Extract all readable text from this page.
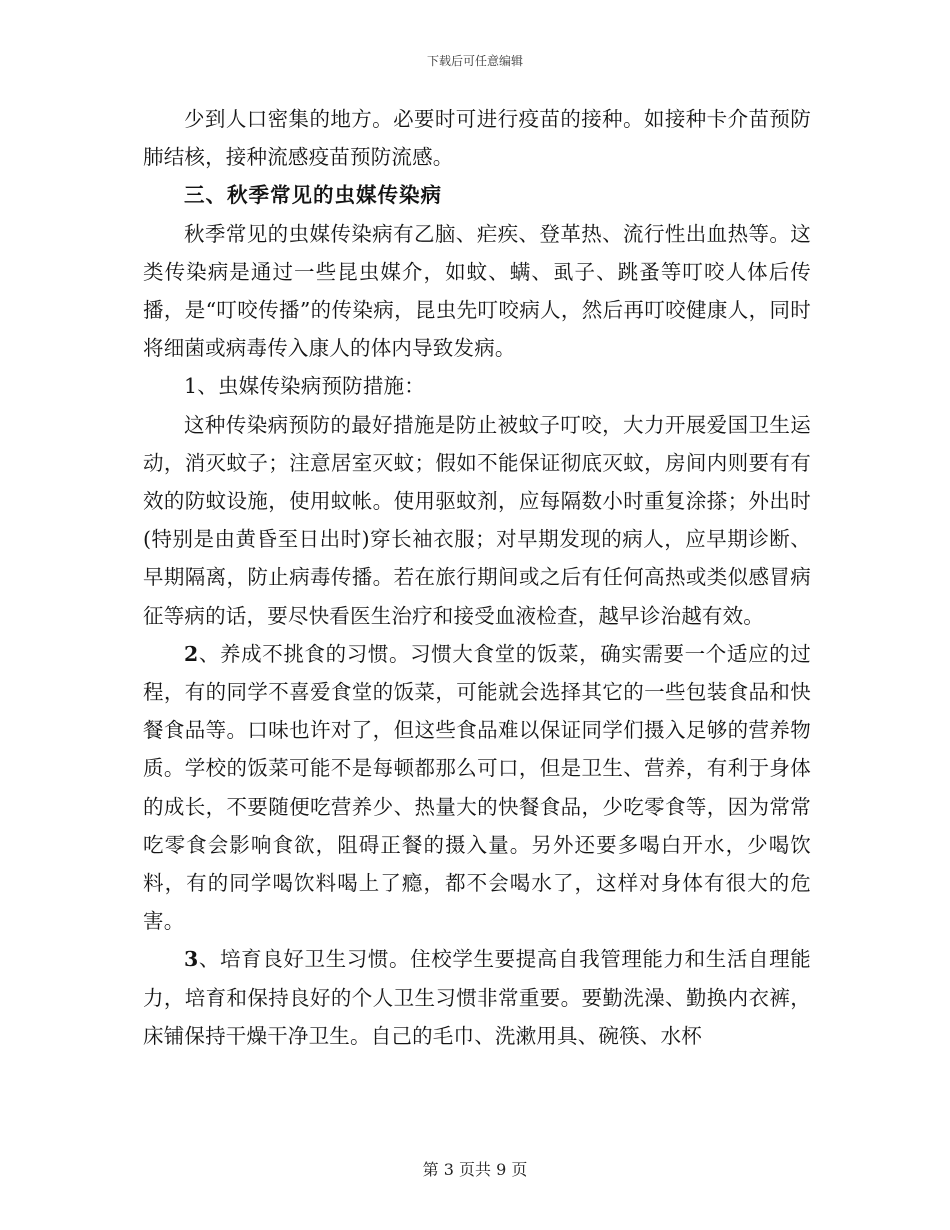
下载后可任意编辑

少到人口密集的地方。必要时可进行疫苗的接种。如接种卡介苗预防肺结核，接种流感疫苗预防流感。

三、秋季常见的虫媒传染病

秋季常见的虫媒传染病有乙脑、疟疾、登革热、流行性出血热等。这类传染病是通过一些昆虫媒介，如蚊、螨、虱子、跳蚤等叮咬人体后传播，是“叮咬传播”的传染病，昆虫先叮咬病人，然后再叮咬健康人，同时将细菌或病毒传入康人的体内导致发病。

1、虫媒传染病预防措施：

这种传染病预防的最好措施是防止被蚊子叮咬，大力开展爱国卫生运动，消灭蚊子；注意居室灭蚊；假如不能保证彻底灭蚊，房间内则要有有效的防蚊设施，使用蚊帐。使用驱蚊剂，应每隔数小时重复涂搽；外出时(特别是由黄昏至日出时)穿长袖衣服；对早期发现的病人，应早期诊断、早期隔离，防止病毒传播。若在旅行期间或之后有任何高热或类似感冒病征等病的话，要尽快看医生治疗和接受血液检查，越早诊治越有效。

2、养成不挑食的习惯。习惯大食堂的饭菜，确实需要一个适应的过程，有的同学不喜爱食堂的饭菜，可能就会选择其它的一些包装食品和快餐食品等。口味也许对了，但这些食品难以保证同学们摄入足够的营养物质。学校的饭菜可能不是每顿都那么可口，但是卫生、营养，有利于身体的成长，不要随便吃营养少、热量大的快餐食品，少吃零食等，因为常常吃零食会影响食欲，阻碍正餐的摄入量。另外还要多喝白开水，少喝饮料，有的同学喝饮料喝上了瘾，都不会喝水了，这样对身体有很大的危害。

3、培育良好卫生习惯。住校学生要提高自我管理能力和生活自理能力，培育和保持良好的个人卫生习惯非常重要。要勤洗澡、勤换内衣裤，床铺保持干燥干净卫生。自己的毛巾、洗漱用具、碗筷、水杯

第 3 页共 9 页
